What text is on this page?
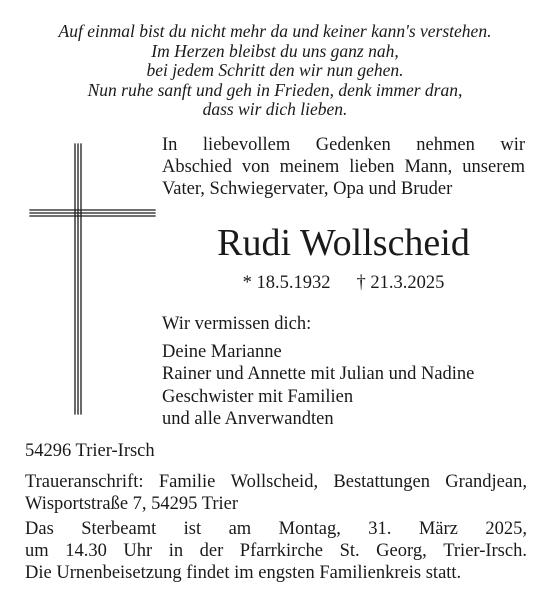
Auf einmal bist du nicht mehr da und keiner kann's verstehen.
Im Herzen bleibst du uns ganz nah,
bei jedem Schritt den wir nun gehen.
Nun ruhe sanft und geh in Frieden, denk immer dran,
dass wir dich lieben.
In liebevollem Gedenken nehmen wir
Abschied von meinem lieben Mann, unserem
Vater, Schwiegervater, Opa und Bruder
Rudi Wollscheid
* 18.5.1932 † 21.3.2025
Wir vermissen dich:
Deine Marianne
Rainer und Annette mit Julian und Nadine
Geschwister mit Familien
und alle Anverwandten
54296 Trier-Irsch
Traueranschrift: Familie Wollscheid, Bestattungen Grandjean,
Wisportstraße 7, 54295 Trier
Das Sterbeamt ist am Montag, 31. März 2025,
um 14.30 Uhr in der Pfarrkirche St. Georg, Trier-Irsch.
Die Urnenbeisetzung findet im engsten Familienkreis statt.
